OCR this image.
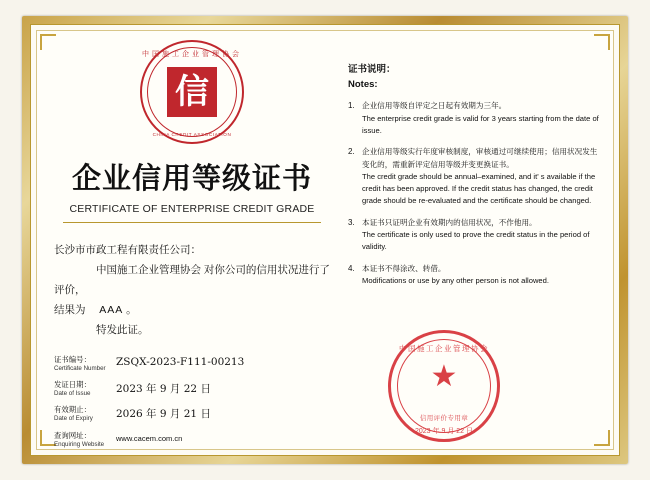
中国施工企业管理协会
信
CHINA CREDIT ASSOCIATION
企业信用等级证书
CERTIFICATE OF ENTERPRISE CREDIT GRADE
长沙市市政工程有限责任公司：
中国施工企业管理协会 对你公司的信用状况进行了评价，
结果为 AAA 。
特发此证。
证书编号：
Certificate Number
ZSQX-2023-F111-00213
发证日期：
Date of Issue	2023 年 9 月 22 日
有效期止：
Date of Expiry	2026 年 9 月 21 日
查询网址：
Enquiring Website
www.cacem.com.cn
证书说明：
Notes:
1. 企业信用等级自评定之日起有效期为三年。
The enterprise credit grade is valid for 3 years starting from the date of issue.
2. 企业信用等级实行年度审核制度，审核通过可继续使用；信用状况发生变化的，需重新评定信用等级并变更换证书。
The credit grade should be annual–examined, and it' s available if the credit has been approved. If the credit status has changed, the credit grade should be re-evaluated and the certificate should be changed.
3. 本证书只证明企业有效期内的信用状况，不作他用。
The certificate is only used to prove the credit status in the period of validity.
4. 本证书不得涂改、转借。
Modifications or use by any other person is not allowed.
中国施工企业管理协会
★
信用评价专用章
2023 年 9 月 22 日
